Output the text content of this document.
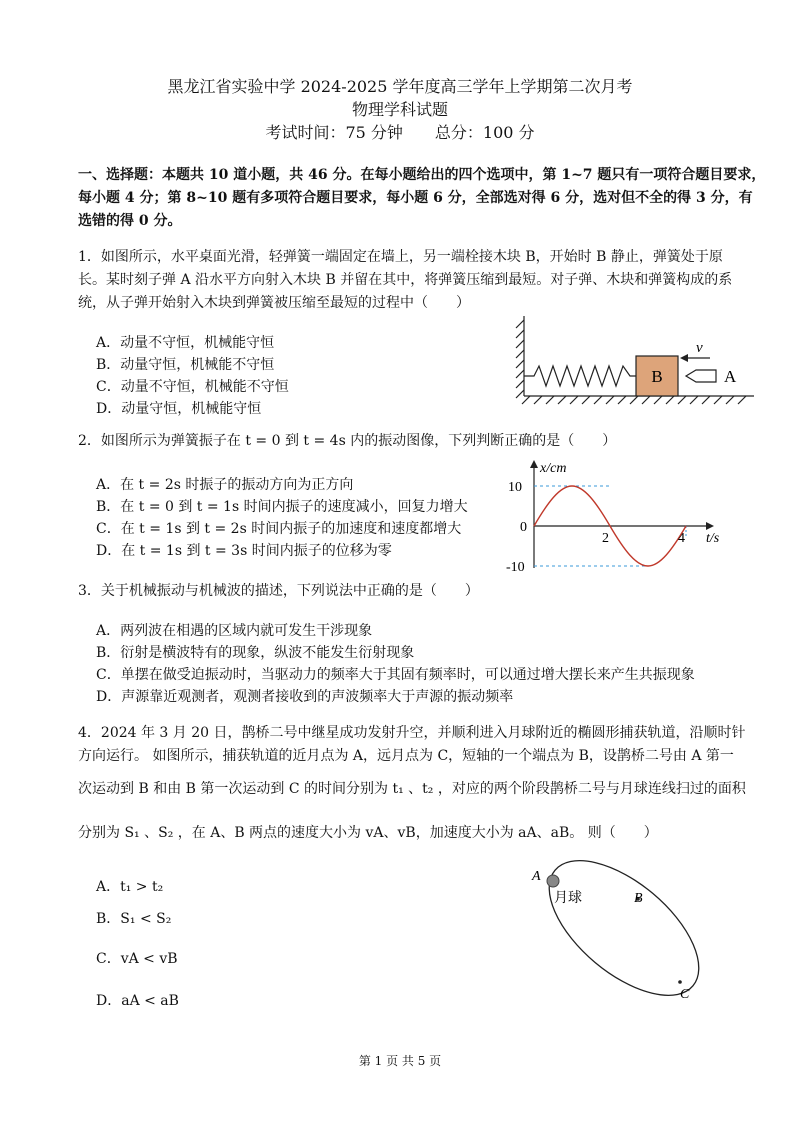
黑龙江省实验中学 2024-2025 学年度高三学年上学期第二次月考
物理学科试题
考试时间：75 分钟　　总分：100 分
一、选择题：本题共 10 道小题，共 46 分。在每小题给出的四个选项中，第 1~7 题只有一项符合题目要求，
每小题 4 分；第 8~10 题有多项符合题目要求，每小题 6 分，全部选对得 6 分，选对但不全的得 3 分，有
选错的得 0 分。
1．如图所示，水平桌面光滑，轻弹簧一端固定在墙上，另一端栓接木块 B，开始时 B 静止，弹簧处于原
长。某时刻子弹 A 沿水平方向射入木块 B 并留在其中，将弹簧压缩到最短。对子弹、木块和弹簧构成的系
统，从子弹开始射入木块到弹簧被压缩至最短的过程中（　　）
A．动量不守恒，机械能守恒
B．动量守恒，机械能不守恒
C．动量不守恒，机械能不守恒
D．动量守恒，机械能守恒
B	A
v
2．如图所示为弹簧振子在 t = 0 到 t = 4s 内的振动图像，下列判断正确的是（　　）
A．在 t = 2s 时振子的振动方向为正方向
B．在 t = 0 到 t = 1s 时间内振子的速度减小，回复力增大
C．在 t = 1s 到 t = 2s 时间内振子的加速度和速度都增大
D．在 t = 1s 到 t = 3s 时间内振子的位移为零
x/cm
t/s
10
0
-10
2	4
3．关于机械振动与机械波的描述，下列说法中正确的是（　　）
A．两列波在相遇的区域内就可发生干涉现象
B．衍射是横波特有的现象，纵波不能发生衍射现象
C．单摆在做受迫振动时，当驱动力的频率大于其固有频率时，可以通过增大摆长来产生共振现象
D．声源靠近观测者，观测者接收到的声波频率大于声源的振动频率
4．2024 年 3 月 20 日，鹊桥二号中继星成功发射升空，并顺利进入月球附近的椭圆形捕获轨道，沿顺时针
方向运行。 如图所示，捕获轨道的近月点为 A，远月点为 C，短轴的一个端点为 B，设鹊桥二号由 A 第一
次运动到 B 和由 B 第一次运动到 C 的时间分别为 t₁ 、t₂ ，对应的两个阶段鹊桥二号与月球连线扫过的面积
分别为 S₁ 、S₂ ，在 A、B 两点的速度大小为 vA、vB，加速度大小为 aA、aB。 则（　　）
A．t₁ > t₂
B．S₁ < S₂
C．vA < vB
D．aA < aB
A
月球	B
C
第 1 页 共 5 页
